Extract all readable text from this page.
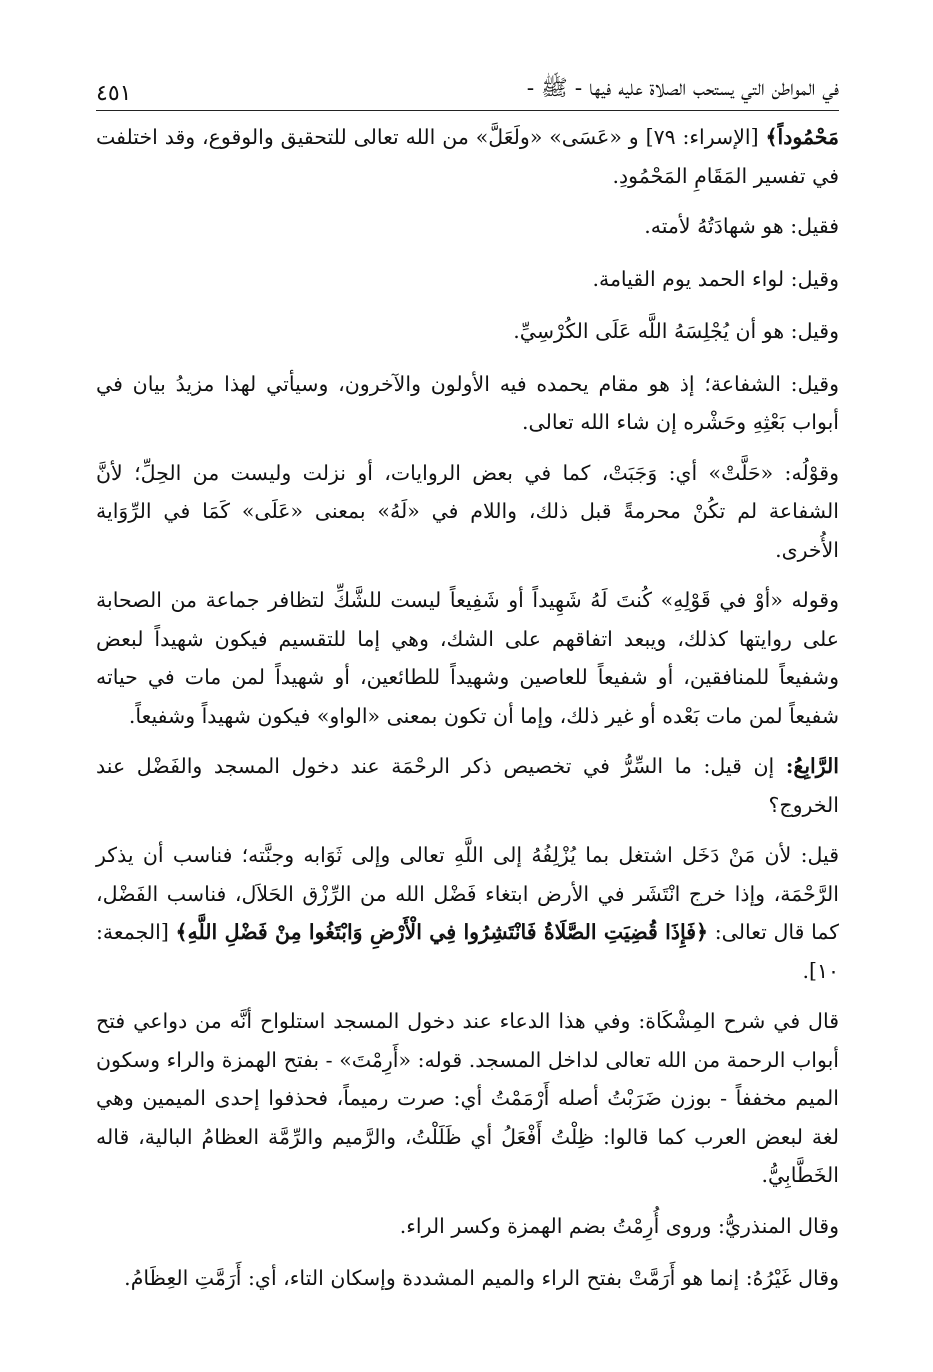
في المواطن التي يستحب الصلاة عليه فيها - ﷺ -
٤٥١

مَحْمُوداً﴾ [الإسراء: ٧٩] و «عَسَى» «ولَعَلَّ» من الله تعالى للتحقيق والوقوع، وقد اختلفت في تفسير المَقَامِ المَحْمُودِ.

فقيل: هو شهادَتُهُ لأمته.

وقيل: لواء الحمد يوم القيامة.

وقيل: هو أن يُجْلِسَهُ اللَّه عَلَى الكُرْسِيِّ.

وقيل: الشفاعة؛ إذ هو مقام يحمده فيه الأولون والآخرون، وسيأتي لهذا مزيدُ بيان في أبواب بَعْثِهِ وحَشْره إن شاء الله تعالى.

وقوْلُه: «حَلَّتْ» أي: وَجَبَتْ، كما في بعض الروايات، أو نزلت وليست من الحِلِّ؛ لأنَّ الشفاعة لم تكُنْ محرمةً قبل ذلك، واللام في «لَهُ» بمعنى «عَلَى» كَمَا في الرِّوَاية الأُخرى.

وقوله «أوْ في قَوْلِهِ» كُنتَ لَهُ شَهِيداً أو شَفِيعاً ليست للشَّكِّ لتظافر جماعة من الصحابة على روايتها كذلك، ويبعد اتفاقهم على الشك، وهي إما للتقسيم فيكون شهيداً لبعض وشفيعاً للمنافقين، أو شفيعاً للعاصين وشهيداً للطائعين، أو شهيداً لمن مات في حياته شفيعاً لمن مات بَعْده أو غير ذلك، وإما أن تكون بمعنى «الواو» فيكون شهيداً وشفيعاً.

الرَّابِعُ: إن قيل: ما السِّرُّ في تخصيص ذكر الرحْمَة عند دخول المسجد والفَضْل عند الخروج؟

قيل: لأن مَنْ دَخَل اشتغل بما يُزْلِفُهُ إلى اللَّهِ تعالى وإلى ثَوَابه وجنَّته؛ فناسب أن يذكر الرَّحْمَة، وإذا خرج انْتَشَر في الأرض ابتغاء فَضْل الله من الرِّزْق الحَلاَل، فناسب الفَضْل، كما قال تعالى: ﴿فَإِذَا قُضِيَتِ الصَّلَاةُ فَانْتَشِرُوا فِي الْأَرْضِ وَابْتَغُوا مِنْ فَضْلِ اللَّهِ﴾ [الجمعة: ١٠].

قال في شرح المِشْكَاة: وفي هذا الدعاء عند دخول المسجد استلواح أنَّه من دواعي فتح أبواب الرحمة من الله تعالى لداخل المسجد. قوله: «أَرِمْتَ» - بفتح الهمزة والراء وسكون الميم مخففاً - بوزن ضَرَبْتُ أصله أَرْمَمْتُ أي: صرت رميماً، فحذفوا إحدى الميمين وهي لغة لبعض العرب كما قالوا: ظِلْتُ أَفْعَلُ أي ظَلَلْتُ، والرَّميم والرِّمَّة العظامُ البالية، قاله الخَطَّابِيُّ.

وقال المنذريُّ: وروى أُرِمْتُ بضم الهمزة وكسر الراء.

وقال غَيْرُهُ: إنما هو أَرَمَّتْ بفتح الراء والميم المشددة وإسكان التاء، أي: أَرَمَّتِ العِظَامُ.
